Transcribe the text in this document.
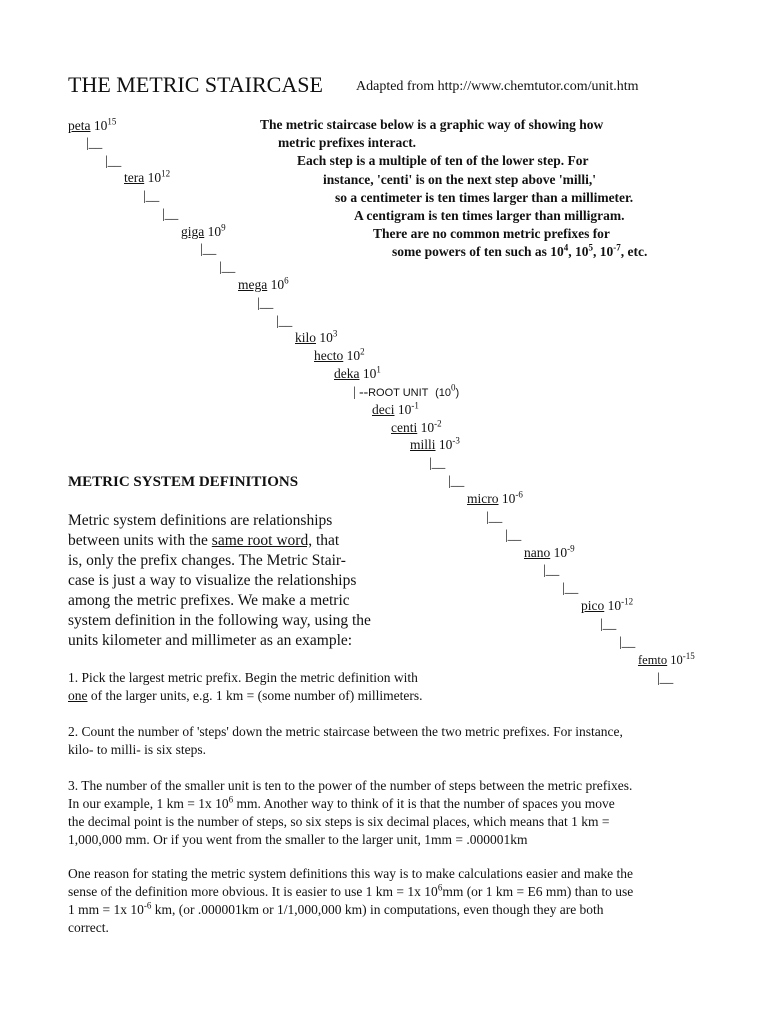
THE METRIC STAIRCASE Adapted from http://www.chemtutor.com/unit.htm
The metric staircase below is a graphic way of showing how
metric prefixes interact.
Each step is a multiple of ten of the lower step. For
instance, 'centi' is on the next step above 'milli,'
so a centimeter is ten times larger than a millimeter.
A centigram is ten times larger than milligram.
There are no common metric prefixes for
some powers of ten such as $10^4$, $10^5$, $10^{-7}$, etc.
peta $10^{15}$
|__
|__
tera $10^{12}$
|__
|__
giga $10^9$
|__
|__
mega $10^6$
|__
|__
kilo $10^3$
hecto $10^2$
deka $10^1$
| --ROOT UNIT $(10^0)$
deci $10^{-1}$
centi $10^{-2}$
milli $10^{-3}$
|__
|__
micro $10^{-6}$
|__
|__
nano $10^{-9}$
|__
|__
pico $10^{-12}$
|__
|__
femto $10^{-15}$
|__
METRIC SYSTEM DEFINITIONS
Metric system definitions are relationships
between units with the same root word, that
is, only the prefix changes. The Metric Stair-
case is just a way to visualize the relationships
among the metric prefixes. We make a metric
system definition in the following way, using the
units kilometer and millimeter as an example:
1. Pick the largest metric prefix. Begin the metric definition with
one of the larger units, e.g. 1 km = (some number of) millimeters.
2. Count the number of 'steps' down the metric staircase between the two metric prefixes. For instance,
kilo- to milli- is six steps.
3. The number of the smaller unit is ten to the power of the number of steps between the metric prefixes.
In our example, 1 km = 1x $10^6$ mm. Another way to think of it is that the number of spaces you move
the decimal point is the number of steps, so six steps is six decimal places, which means that 1 km =
1,000,000 mm. Or if you went from the smaller to the larger unit, 1mm = .000001km
One reason for stating the metric system definitions this way is to make calculations easier and make the
sense of the definition more obvious. It is easier to use 1 km = 1x $10^6mm$ (or 1 km = E6 mm) than to use
1 mm = 1x $10^{-6}$ km, (or .000001km or 1/1,000,000 km) in computations, even though they are both
correct.
